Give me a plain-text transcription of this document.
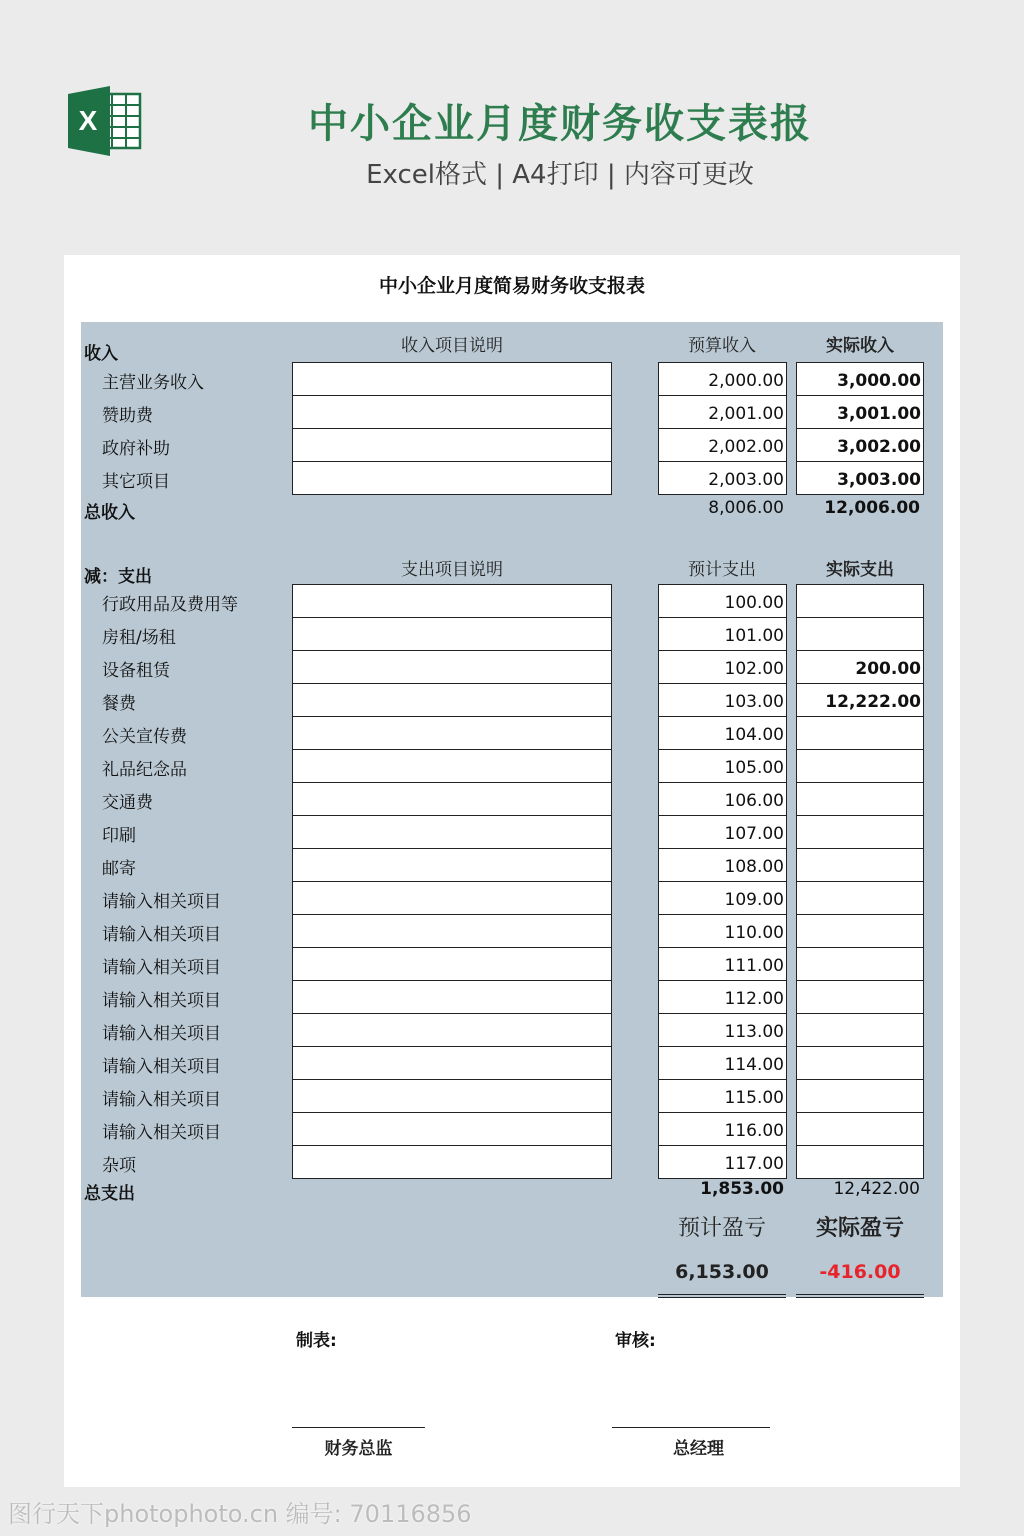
X	中小企业月度财务收支表报
Excel格式 | A4打印 | 内容可更改
中小企业月度简易财务收支报表
收入	收入项目说明	预算收入	实际收入
主营业务收入	2,000.00	3,000.00
赞助费	2,001.00	3,001.00
政府补助	2,002.00	3,002.00
其它项目	2,003.00	3,003.00
总收入	8,006.00	12,006.00
减：支出	支出项目说明	预计支出	实际支出
行政用品及费用等	100.00
房租/场租	101.00
设备租赁	102.00	200.00
餐费	103.00	12,222.00
公关宣传费	104.00
礼品纪念品	105.00
交通费	106.00
印刷	107.00
邮寄	108.00
请输入相关项目	109.00
请输入相关项目	110.00
请输入相关项目	111.00
请输入相关项目	112.00
请输入相关项目	113.00
请输入相关项目	114.00
请输入相关项目	115.00
请输入相关项目	116.00
杂项	117.00
总支出	1,853.00	12,422.00
预计盈亏	实际盈亏
6,153.00	-416.00
制表:	审核:
财务总监	总经理
图行天下photophoto.cn 编号: 70116856
